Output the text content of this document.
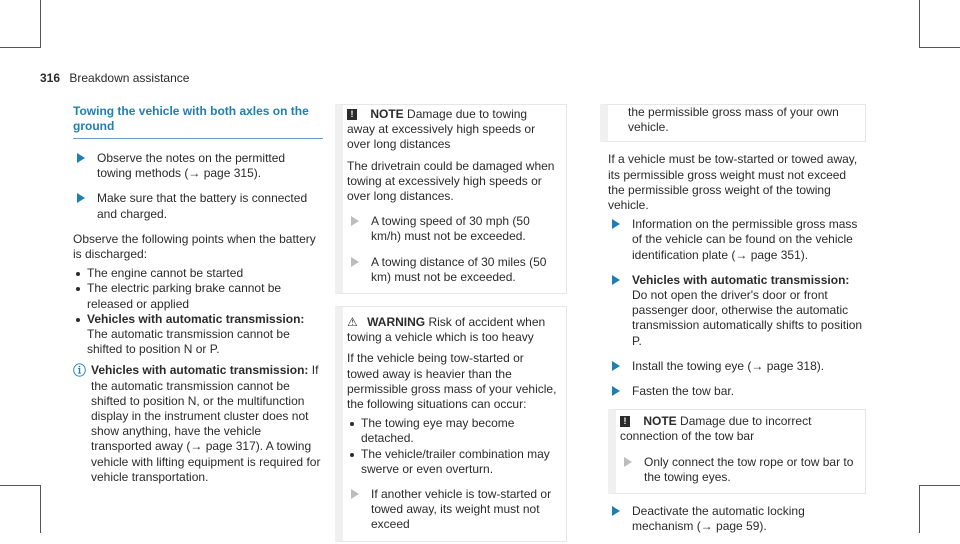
316 Breakdown assistance
Towing the vehicle with both axles on the
ground
Observe the notes on the permitted towing methods (→ page 315).
Make sure that the battery is connected and charged.

Observe the following points when the battery is discharged:

The engine cannot be started
The electric parking brake cannot be released or applied
Vehicles with automatic transmission:
The automatic transmission cannot be shifted to position N or P.
ⓘ Vehicles with automatic transmission: If the automatic transmission cannot be shifted to position N, or the multifunction display in the instrument cluster does not show anything, have the vehicle transported away (→ page 317). A towing vehicle with lifting equipment is required for vehicle transportation.
! NOTE Damage due to towing away at excessively high speeds or over long distances

The drivetrain could be damaged when towing at excessively high speeds or over long distances.

A towing speed of 30 mph (50 km/h) must not be exceeded.
A towing distance of 30 miles (50 km) must not be exceeded.
⚠ WARNING Risk of accident when towing a vehicle which is too heavy

If the vehicle being tow-started or towed away is heavier than the permissible gross mass of your vehicle, the following situations can occur:

The towing eye may become detached.
The vehicle/trailer combination may swerve or even overturn.
If another vehicle is tow-started or towed away, its weight must not exceed
the permissible gross mass of your own vehicle.

If a vehicle must be tow-started or towed away, its permissible gross weight must not exceed the permissible gross weight of the towing vehicle.

Information on the permissible gross mass of the vehicle can be found on the vehicle identification plate (→ page 351).
Vehicles with automatic transmission: Do not open the driver's door or front passenger door, otherwise the automatic transmission automatically shifts to position P.
Install the towing eye (→ page 318).
Fasten the tow bar.
! NOTE Damage due to incorrect connection of the tow bar
Only connect the tow rope or tow bar to the towing eyes.
Deactivate the automatic locking mechanism (→ page 59).
